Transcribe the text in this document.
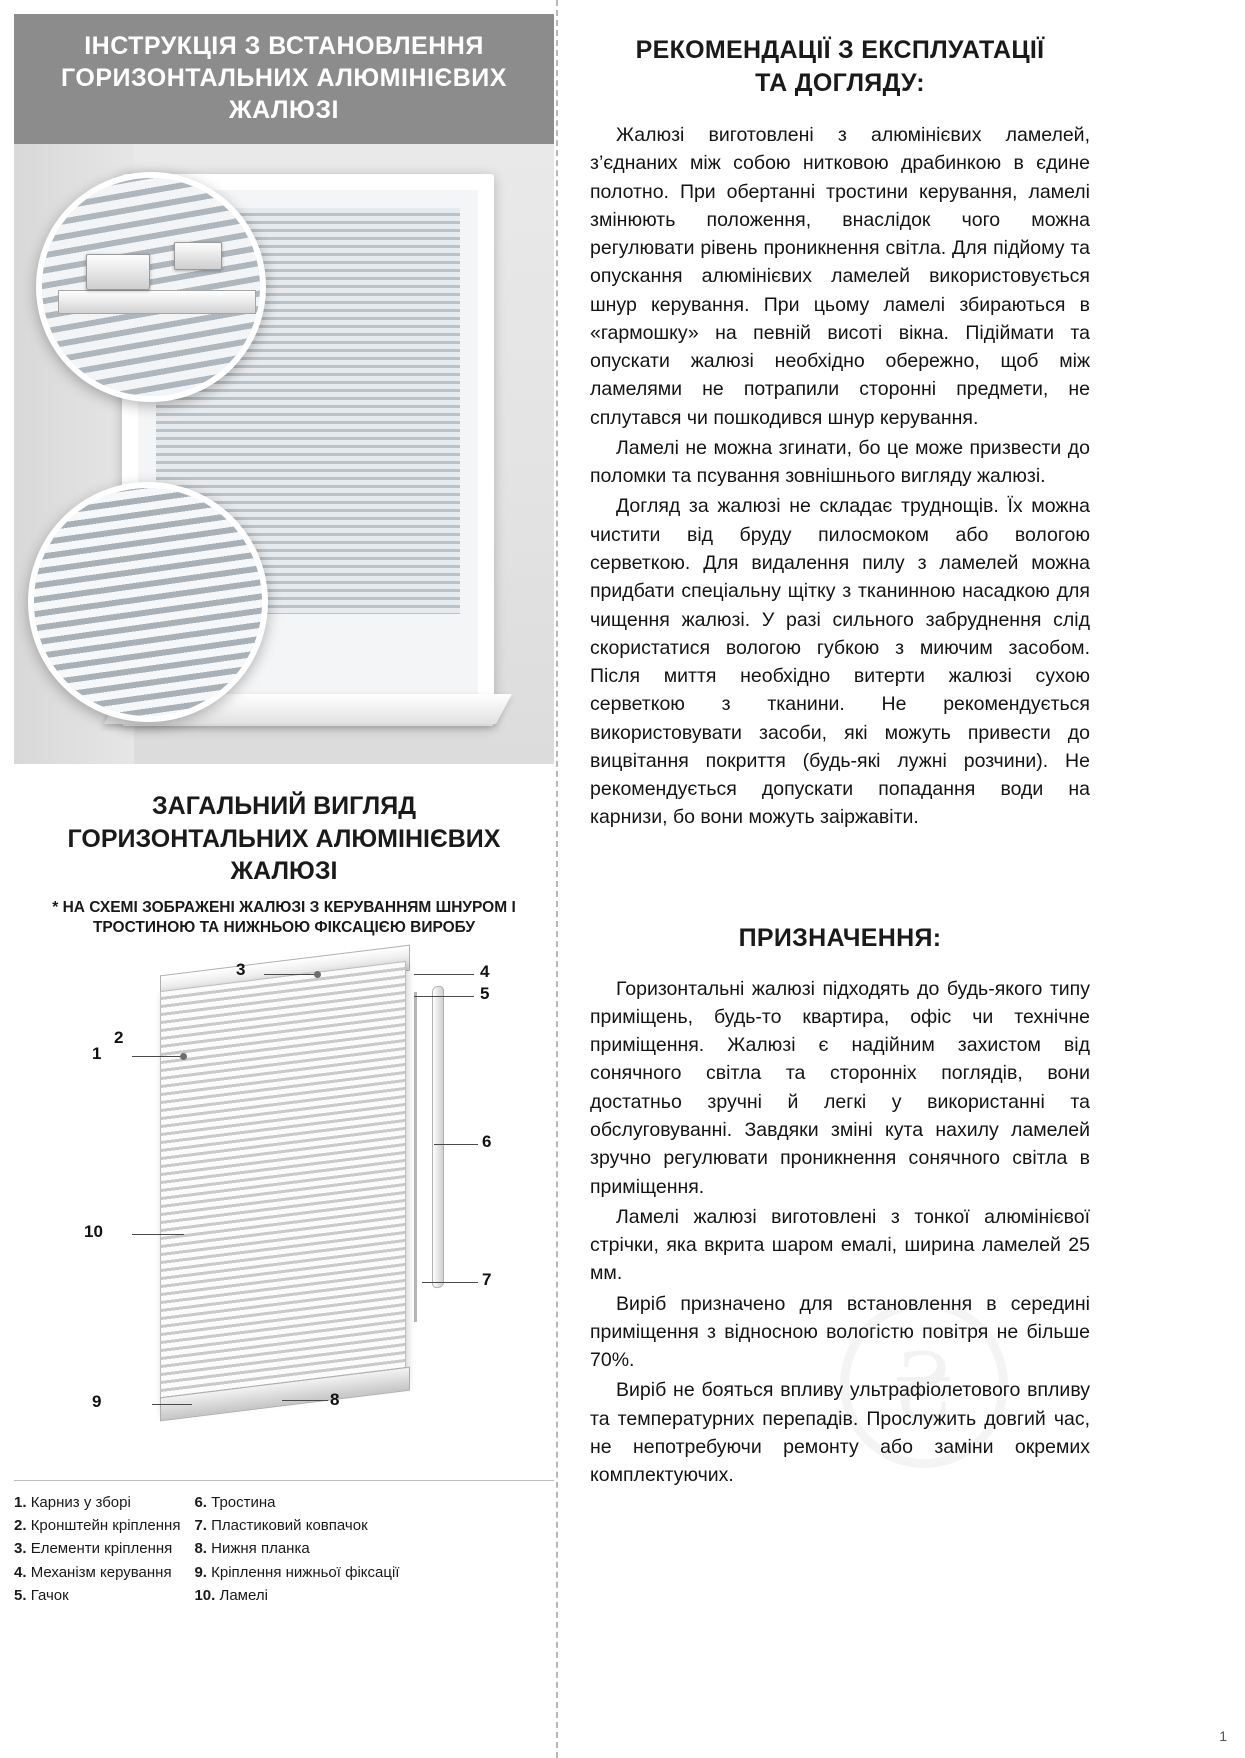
₴
ІНСТРУКЦІЯ З ВСТАНОВЛЕННЯ
ГОРИЗОНТАЛЬНИХ АЛЮМІНІЄВИХ
ЖАЛЮЗІ
ЗАГАЛЬНИЙ ВИГЛЯД
ГОРИЗОНТАЛЬНИХ АЛЮМІНІЄВИХ
ЖАЛЮЗІ
* НА СХЕМІ ЗОБРАЖЕНІ ЖАЛЮЗІ З КЕРУВАННЯМ ШНУРОМ І
ТРОСТИНОЮ ТА НИЖНЬОЮ ФІКСАЦІЄЮ ВИРОБУ
3	4
5
1
2
6
7
10
9	8
1. Карниз у зборі
2. Кронштейн кріплення
3. Елементи кріплення
4. Механізм керування
5. Гачок
6. Тростина
7. Пластиковий ковпачок
8. Нижня планка
9. Кріплення нижньої фіксації
10. Ламелі
РЕКОМЕНДАЦІЇ З ЕКСПЛУАТАЦІЇ
ТА ДОГЛЯДУ:

Жалюзі виготовлені з алюмінієвих ламелей, з’єднаних між собою нитковою драбинкою в єдине полотно. При обертанні тростини керування, ламелі змінюють положення, внаслідок чого можна регулювати рівень проникнення світла. Для підйому та опускання алюмінієвих ламелей використовується шнур керування. При цьому ламелі збираються в «гармошку» на певній висоті вікна. Підіймати та опускати жалюзі необхідно обережно, щоб між ламелями не потрапили сторонні предмети, не сплутався чи пошкодився шнур керування.

Ламелі не можна згинати, бо це може призвести до поломки та псування зовнішнього вигляду жалюзі.

Догляд за жалюзі не складає труднощів. Їх можна чистити від бруду пилосмоком або вологою серветкою. Для видалення пилу з ламелей можна придбати спеціальну щітку з тканинною насадкою для чищення жалюзі. У разі сильного забруднення слід скористатися вологою губкою з миючим засобом. Після миття необхідно витерти жалюзі сухою серветкою з тканини. Не рекомендується використовувати засоби, які можуть привести до вицвітання покриття (будь-які лужні розчини). Не рекомендується допускати попадання води на карнизи, бо вони можуть заіржавіти.

ПРИЗНАЧЕННЯ:

Горизонтальні жалюзі підходять до будь-якого типу приміщень, будь-то квартира, офіс чи технічне приміщення. Жалюзі є надійним захистом від сонячного світла та сторонніх поглядів, вони достатньо зручні й легкі у використанні та обслуговуванні. Завдяки зміні кута нахилу ламелей зручно регулювати проникнення сонячного світла в приміщення.

Ламелі жалюзі виготовлені з тонкої алюмінієвої стрічки, яка вкрита шаром емалі, ширина ламелей 25 мм.

Виріб призначено для встановлення в середині приміщення з відносною вологістю повітря не більше 70%.

Виріб не бояться впливу ультрафіолетового впливу та температурних перепадів. Прослужить довгий час, не непотребуючи ремонту або заміни окремих комплектуючих.

1
